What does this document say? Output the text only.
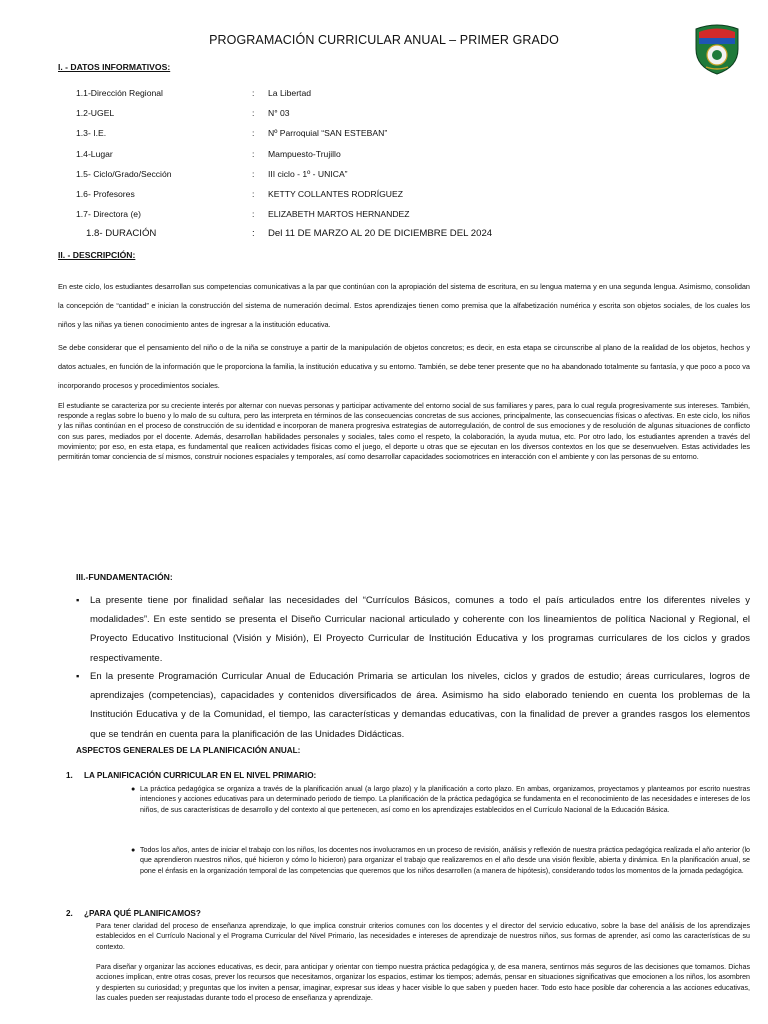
PROGRAMACIÓN CURRICULAR ANUAL – PRIMER GRADO
I. - DATOS INFORMATIVOS:
1.1-Dirección Regional	: La Libertad
1.2-UGEL	: N° 03
1.3- I.E.	: Nº Parroquial “SAN ESTEBAN”
1.4-Lugar	: Mampuesto-Trujillo
1.5- Ciclo/Grado/Sección	: III ciclo - 1º - UNICA”
1.6- Profesores	: KETTY COLLANTES RODRÍGUEZ
1.7- Directora (e)	: ELIZABETH MARTOS HERNANDEZ
1.8- DURACIÓN	: Del 11 DE MARZO AL 20 DE DICIEMBRE DEL 2024
II. - DESCRIPCIÓN:
En este ciclo, los estudiantes desarrollan sus competencias comunicativas a la par que continúan con la apropiación del sistema de escritura, en su lengua materna y en una segunda lengua. Asimismo, consolidan la concepción de “cantidad” e inician la construcción del sistema de numeración decimal. Estos aprendizajes tienen como premisa que la alfabetización numérica y escrita son objetos sociales, de los cuales los niños y las niñas ya tienen conocimiento antes de ingresar a la institución educativa.
Se debe considerar que el pensamiento del niño o de la niña se construye a partir de la manipulación de objetos concretos; es decir, en esta etapa se circunscribe al plano de la realidad de los objetos, hechos y datos actuales, en función de la información que le proporciona la familia, la institución educativa y su entorno. También, se debe tener presente que no ha abandonado totalmente su fantasía, y que poco a poco va incorporando procesos y procedimientos sociales.
El estudiante se caracteriza por su creciente interés por alternar con nuevas personas y participar activamente del entorno social de sus familiares y pares, para lo cual regula progresivamente sus intereses. También, responde a reglas sobre lo bueno y lo malo de su cultura, pero las interpreta en términos de las consecuencias concretas de sus acciones, principalmente, las consecuencias físicas o afectivas. En este ciclo, los niños y las niñas continúan en el proceso de construcción de su identidad e incorporan de manera progresiva estrategias de autorregulación, de control de sus emociones y de resolución de algunas situaciones de conflicto con sus pares, mediados por el docente. Además, desarrollan habilidades personales y sociales, tales como el respeto, la colaboración, la ayuda mutua, etc. Por otro lado, los estudiantes aprenden a través del movimiento; por eso, en esta etapa, es fundamental que realicen actividades físicas como el juego, el deporte u otras que se ejecutan en los diversos contextos en los que se desenvuelven. Estas actividades les permitirán tomar conciencia de sí mismos, construir nociones espaciales y temporales, así como desarrollar capacidades sociomotrices en interacción con el ambiente y con las personas de su entorno.
III.-FUNDAMENTACIÓN:
▪ La presente tiene por finalidad señalar las necesidades del “Currículos Básicos, comunes a todo el país articulados entre los diferentes niveles y modalidades”. En este sentido se presenta el Diseño Curricular nacional articulado y coherente con los lineamientos de política Nacional y Regional, el Proyecto Educativo Institucional (Visión y Misión), El Proyecto Curricular de Institución Educativa y los programas curriculares de los ciclos y grados respectivamente.
▪ En la presente Programación Curricular Anual de Educación Primaria se articulan los niveles, ciclos y grados de estudio; áreas curriculares, logros de aprendizajes (competencias), capacidades y contenidos diversificados de área. Asimismo ha sido elaborado teniendo en cuenta los problemas de la Institución Educativa y de la Comunidad, el tiempo, las características y demandas educativas, con la finalidad de prever a grandes rasgos los elementos que se tendrán en cuenta para la planificación de las Unidades Didácticas.
ASPECTOS GENERALES DE LA PLANIFICACIÓN ANUAL:
1. LA PLANIFICACIÓN CURRICULAR EN EL NIVEL PRIMARIO:
● La práctica pedagógica se organiza a través de la planificación anual (a largo plazo) y la planificación a corto plazo. En ambas, organizamos, proyectamos y planteamos por escrito nuestras intenciones y acciones educativas para un determinado periodo de tiempo. La planificación de la práctica pedagógica se fundamenta en el reconocimiento de las necesidades e intereses de los niños, de sus características de desarrollo y del contexto al que pertenecen, así como en los aprendizajes establecidos en el Currículo Nacional de la Educación Básica.
● Todos los años, antes de iniciar el trabajo con los niños, los docentes nos involucramos en un proceso de revisión, análisis y reflexión de nuestra práctica pedagógica realizada el año anterior (lo que aprendieron nuestros niños, qué hicieron y cómo lo hicieron) para organizar el trabajo que realizaremos en el año desde una visión flexible, abierta y dinámica. En la planificación anual, se pone el énfasis en la organización temporal de las competencias que queremos que los niños desarrollen (a manera de hipótesis), considerando todos los momentos de la jornada pedagógica.
2. ¿PARA QUÉ PLANIFICAMOS?
Para tener claridad del proceso de enseñanza aprendizaje, lo que implica construir criterios comunes con los docentes y el director del servicio educativo, sobre la base del análisis de los aprendizajes establecidos en el Currículo Nacional y el Programa Curricular del Nivel Primario, las necesidades e intereses de aprendizaje de nuestros niños, sus formas de aprender, así como las características de su contexto.
Para diseñar y organizar las acciones educativas, es decir, para anticipar y orientar con tiempo nuestra práctica pedagógica y, de esa manera, sentirnos más seguros de las decisiones que tomamos. Dichas acciones implican, entre otras cosas, prever los recursos que necesitamos, organizar los espacios, estimar los tiempos; además, pensar en situaciones significativas que emocionen a los niños, los asombren y despierten su curiosidad; y preguntas que los inviten a pensar, imaginar, expresar sus ideas y hacer visible lo que saben y pueden hacer. Todo esto hace posible dar coherencia a las acciones educativas, las cuales pueden ser reajustadas durante todo el proceso de enseñanza y aprendizaje.
